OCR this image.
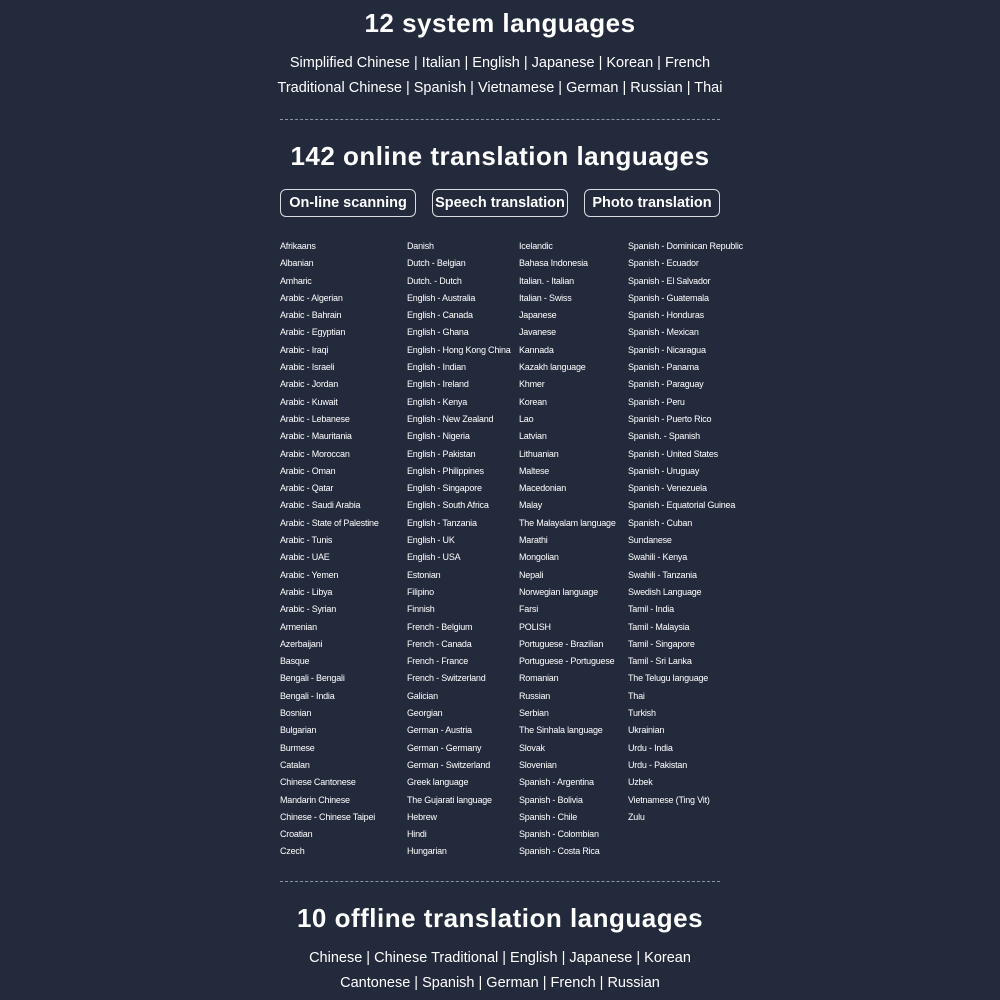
12 system languages

Simplified Chinese | Italian | English | Japanese | Korean | French

Traditional Chinese | Spanish | Vietnamese | German | Russian | Thai

142 online translation languages
On-line scanning	Speech translation	Photo translation
Afrikaans
Albanian
Amharic
Arabic - Algerian
Arabic - Bahrain
Arabic - Egyptian
Arabic - Iraqi
Arabic - Israeli
Arabic - Jordan
Arabic - Kuwait
Arabic - Lebanese
Arabic - Mauritania
Arabic - Moroccan
Arabic - Oman
Arabic - Qatar
Arabic - Saudi Arabia
Arabic - State of Palestine
Arabic - Tunis
Arabic - UAE
Arabic - Yemen
Arabic - Libya
Arabic - Syrian
Armenian
Azerbaijani
Basque
Bengali - Bengali
Bengali - India
Bosnian
Bulgarian
Burmese
Catalan
Chinese Cantonese
Mandarin Chinese
Chinese - Chinese Taipei
Croatian
Czech
Danish
Dutch - Belgian
Dutch. - Dutch
English - Australia
English - Canada
English - Ghana
English - Hong Kong China
English - Indian
English - Ireland
English - Kenya
English - New Zealand
English - Nigeria
English - Pakistan
English - Philippines
English - Singapore
English - South Africa
English - Tanzania
English - UK
English - USA
Estonian
Filipino
Finnish
French - Belgium
French - Canada
French - France
French - Switzerland
Galician
Georgian
German - Austria
German - Germany
German - Switzerland
Greek language
The Gujarati language
Hebrew
Hindi
Hungarian
Icelandic
Bahasa Indonesia
Italian. - Italian
Italian - Swiss
Japanese
Javanese
Kannada
Kazakh language
Khmer
Korean
Lao
Latvian
Lithuanian
Maltese
Macedonian
Malay
The Malayalam language
Marathi
Mongolian
Nepali
Norwegian language
Farsi
POLISH
Portuguese - Brazilian
Portuguese - Portuguese
Romanian
Russian
Serbian
The Sinhala language
Slovak
Slovenian
Spanish - Argentina
Spanish - Bolivia
Spanish - Chile
Spanish - Colombian
Spanish - Costa Rica
Spanish - Dominican Republic
Spanish - Ecuador
Spanish - El Salvador
Spanish - Guatemala
Spanish - Honduras
Spanish - Mexican
Spanish - Nicaragua
Spanish - Panama
Spanish - Paraguay
Spanish - Peru
Spanish - Puerto Rico
Spanish. - Spanish
Spanish - United States
Spanish - Uruguay
Spanish - Venezuela
Spanish - Equatorial Guinea
Spanish - Cuban
Sundanese
Swahili - Kenya
Swahili - Tanzania
Swedish Language
Tamil - India
Tamil - Malaysia
Tamil - Singapore
Tamil - Sri Lanka
The Telugu language
Thai
Turkish
Ukrainian
Urdu - India
Urdu - Pakistan
Uzbek
Vietnamese (Ting Vit)
Zulu
10 offline translation languages

Chinese | Chinese Traditional | English | Japanese | Korean

Cantonese | Spanish | German | French | Russian
